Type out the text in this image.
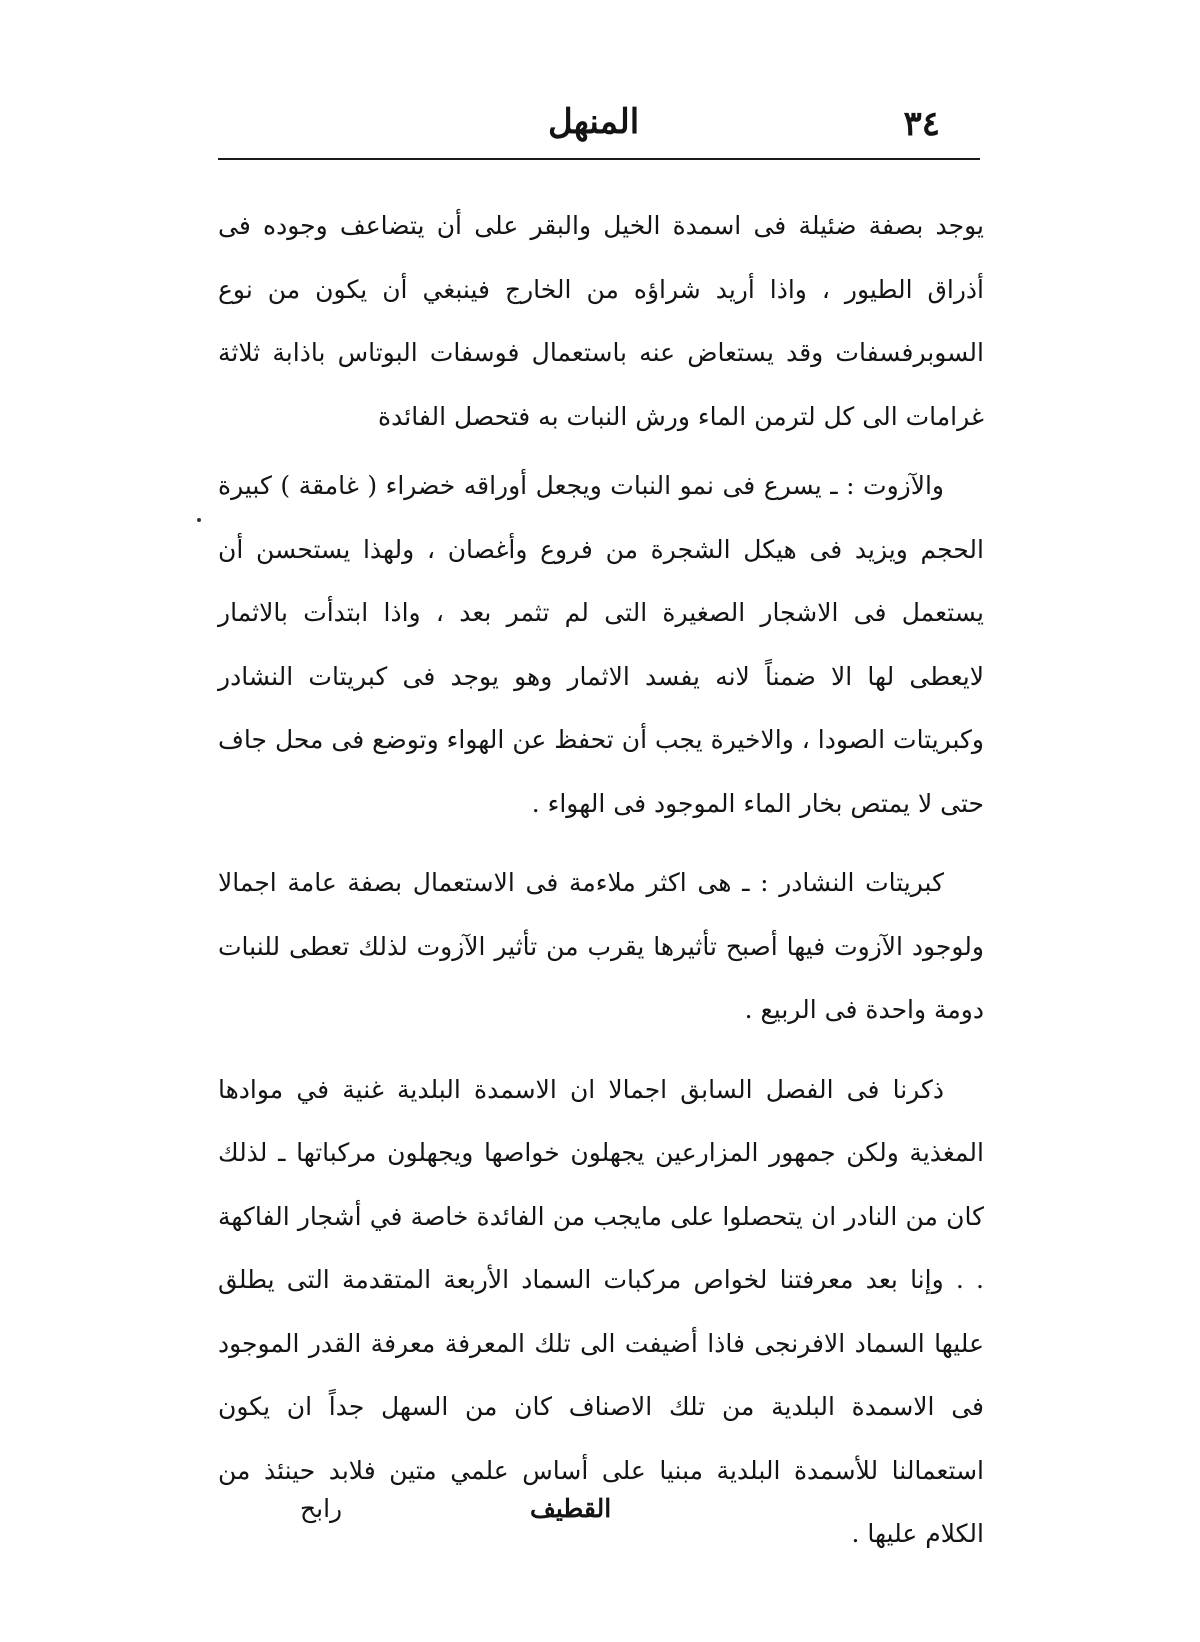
٣٤
المنهل

يوجد بصفة ضئيلة فى اسمدة الخيل والبقر على أن يتضاعف وجوده فى أذراق الطيور ، واذا أريد شراؤه من الخارج فينبغي أن يكون من نوع السوبرفسفات وقد يستعاض عنه باستعمال فوسفات البوتاس باذابة ثلاثة غرامات الى كل لترمن الماء ورش النبات به فتحصل الفائدة

والآزوت : ـ يسرع فى نمو النبات ويجعل أوراقه خضراء ( غامقة ) كبيرة الحجم ويزيد فى هيكل الشجرة من فروع وأغصان ، ولهذا يستحسن أن يستعمل فى الاشجار الصغيرة التى لم تثمر بعد ، واذا ابتدأت بالاثمار لايعطى لها الا ضمناً لانه يفسد الاثمار وهو يوجد فى كبريتات النشادر وكبريتات الصودا ، والاخيرة يجب أن تحفظ عن الهواء وتوضع فى محل جاف حتى لا يمتص بخار الماء الموجود فى الهواء .

كبريتات النشادر : ـ هى اكثر ملاءمة فى الاستعمال بصفة عامة اجمالا ولوجود الآزوت فيها أصبح تأثيرها يقرب من تأثير الآزوت لذلك تعطى للنبات دومة واحدة فى الربيع .

ذكرنا فى الفصل السابق اجمالا ان الاسمدة البلدية غنية في موادها المغذية ولكن جمهور المزارعين يجهلون خواصها ويجهلون مركباتها ـ لذلك كان من النادر ان يتحصلوا على مايجب من الفائدة خاصة في أشجار الفاكهة . . وإنا بعد معرفتنا لخواص مركبات السماد الأربعة المتقدمة التى يطلق عليها السماد الافرنجى فاذا أضيفت الى تلك المعرفة معرفة القدر الموجود فى الاسمدة البلدية من تلك الاصناف كان من السهل جداً ان يكون استعمالنا للأسمدة البلدية مبنيا على أساس علمي متين فلابد حينئذ من الكلام عليها .

القطيف
رابح
